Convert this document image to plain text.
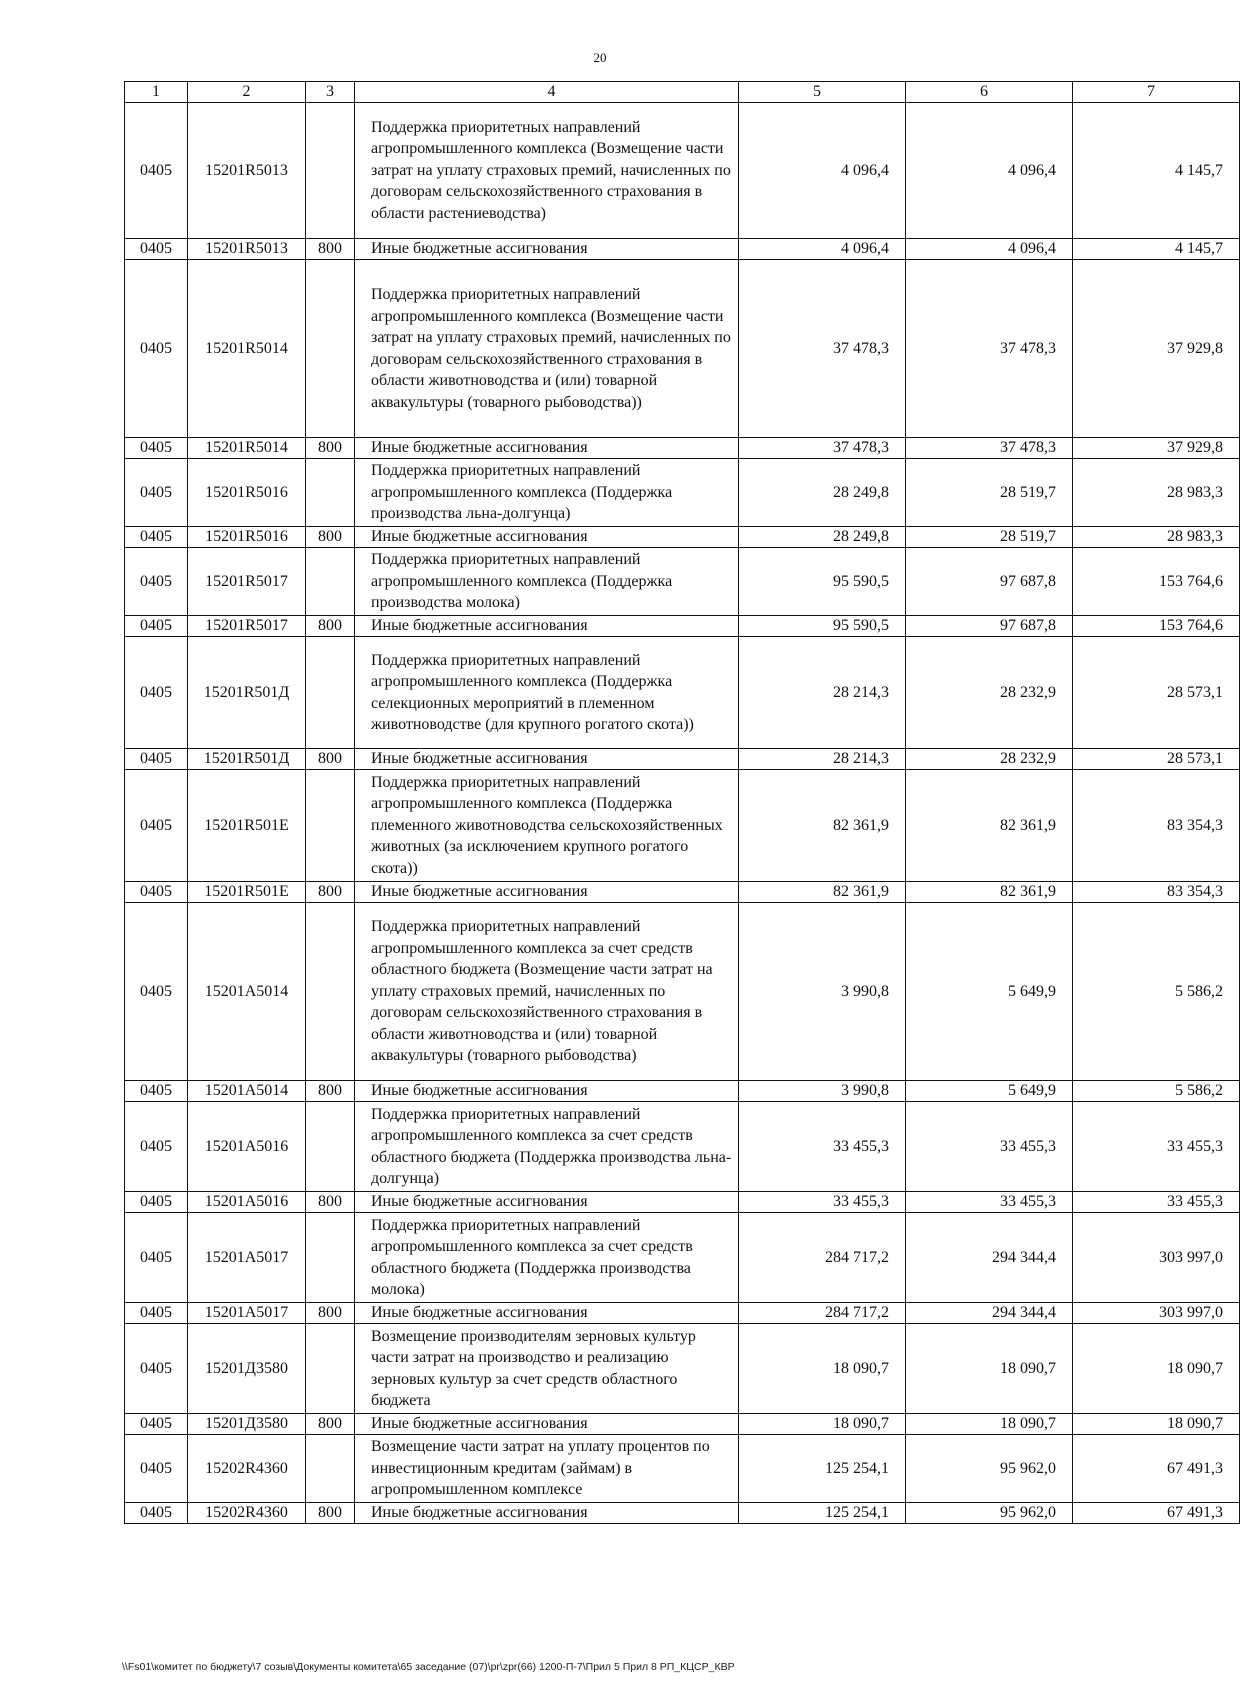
20
1	2	3	4	5	6	7
0405	15201R5013		Поддержка приоритетных направлений агропромышленного комплекса (Возмещение части затрат на уплату страховых премий, начисленных по договорам сельскохозяйственного страхования в области растениеводства)	4 096,4	4 096,4	4 145,7
0405	15201R5013	800	Иные бюджетные ассигнования	4 096,4	4 096,4	4 145,7
0405	15201R5014		Поддержка приоритетных направлений агропромышленного комплекса (Возмещение части затрат на уплату страховых премий, начисленных по договорам сельскохозяйственного страхования в области животноводства и (или) товарной аквакультуры (товарного рыбоводства))	37 478,3	37 478,3	37 929,8
0405	15201R5014	800	Иные бюджетные ассигнования	37 478,3	37 478,3	37 929,8
0405	15201R5016		Поддержка приоритетных направлений агропромышленного комплекса (Поддержка производства льна-долгунца)	28 249,8	28 519,7	28 983,3
0405	15201R5016	800	Иные бюджетные ассигнования	28 249,8	28 519,7	28 983,3
0405	15201R5017		Поддержка приоритетных направлений агропромышленного комплекса (Поддержка производства молока)	95 590,5	97 687,8	153 764,6
0405	15201R5017	800	Иные бюджетные ассигнования	95 590,5	97 687,8	153 764,6
0405	15201R501Д		Поддержка приоритетных направлений агропромышленного комплекса (Поддержка селекционных мероприятий в племенном животноводстве (для крупного рогатого скота))	28 214,3	28 232,9	28 573,1
0405	15201R501Д	800	Иные бюджетные ассигнования	28 214,3	28 232,9	28 573,1
0405	15201R501E		Поддержка приоритетных направлений агропромышленного комплекса (Поддержка племенного животноводства сельскохозяйственных животных (за исключением крупного рогатого скота))	82 361,9	82 361,9	83 354,3
0405	15201R501E	800	Иные бюджетные ассигнования	82 361,9	82 361,9	83 354,3
0405	15201A5014		Поддержка приоритетных направлений агропромышленного комплекса за счет средств областного бюджета (Возмещение части затрат на уплату страховых премий, начисленных по договорам сельскохозяйственного страхования в области животноводства и (или) товарной аквакультуры (товарного рыбоводства)	3 990,8	5 649,9	5 586,2
0405	15201A5014	800	Иные бюджетные ассигнования	3 990,8	5 649,9	5 586,2
0405	15201A5016		Поддержка приоритетных направлений агропромышленного комплекса за счет средств областного бюджета (Поддержка производства льна-долгунца)	33 455,3	33 455,3	33 455,3
0405	15201A5016	800	Иные бюджетные ассигнования	33 455,3	33 455,3	33 455,3
0405	15201A5017		Поддержка приоритетных направлений агропромышленного комплекса за счет средств областного бюджета (Поддержка производства молока)	284 717,2	294 344,4	303 997,0
0405	15201A5017	800	Иные бюджетные ассигнования	284 717,2	294 344,4	303 997,0
0405	15201Д3580		Возмещение производителям зерновых культур части затрат на производство и реализацию зерновых культур за счет средств областного бюджета	18 090,7	18 090,7	18 090,7
0405	15201Д3580	800	Иные бюджетные ассигнования	18 090,7	18 090,7	18 090,7
0405	15202R4360		Возмещение части затрат на уплату процентов по инвестиционным кредитам (займам) в агропромышленном комплексе	125 254,1	95 962,0	67 491,3
0405	15202R4360	800	Иные бюджетные ассигнования	125 254,1	95 962,0	67 491,3
\\Fs01\комитет по бюджету\7 созыв\Документы комитета\65 заседание (07)\pr\zpr(66) 1200-П-7\Прил 5 Прил 8 РП_КЦСР_КВР
